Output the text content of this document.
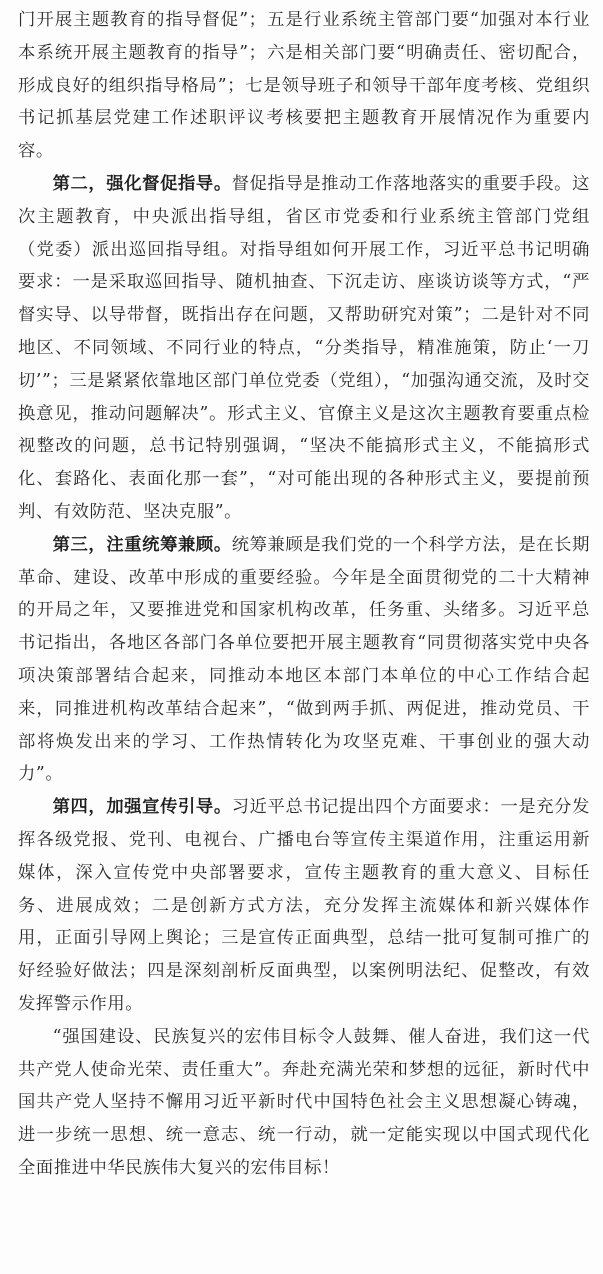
门开展主题教育的指导督促”；五是行业系统主管部门要“加强对本行业本系统开展主题教育的指导”；六是相关部门要“明确责任、密切配合，形成良好的组织指导格局”；七是领导班子和领导干部年度考核、党组织书记抓基层党建工作述职评议考核要把主题教育开展情况作为重要内容。

第二，强化督促指导。督促指导是推动工作落地落实的重要手段。这次主题教育，中央派出指导组，省区市党委和行业系统主管部门党组（党委）派出巡回指导组。对指导组如何开展工作，习近平总书记明确要求：一是采取巡回指导、随机抽查、下沉走访、座谈访谈等方式，“严督实导、以导带督，既指出存在问题，又帮助研究对策”；二是针对不同地区、不同领域、不同行业的特点，“分类指导，精准施策，防止‘一刀切’”；三是紧紧依靠地区部门单位党委（党组），“加强沟通交流，及时交换意见，推动问题解决”。形式主义、官僚主义是这次主题教育要重点检视整改的问题，总书记特别强调，“坚决不能搞形式主义，不能搞形式化、套路化、表面化那一套”，“对可能出现的各种形式主义，要提前预判、有效防范、坚决克服”。

第三，注重统筹兼顾。统筹兼顾是我们党的一个科学方法，是在长期革命、建设、改革中形成的重要经验。今年是全面贯彻党的二十大精神的开局之年，又要推进党和国家机构改革，任务重、头绪多。习近平总书记指出，各地区各部门各单位要把开展主题教育“同贯彻落实党中央各项决策部署结合起来，同推动本地区本部门本单位的中心工作结合起来，同推进机构改革结合起来”，“做到两手抓、两促进，推动党员、干部将焕发出来的学习、工作热情转化为攻坚克难、干事创业的强大动力”。

第四，加强宣传引导。习近平总书记提出四个方面要求：一是充分发挥各级党报、党刊、电视台、广播电台等宣传主渠道作用，注重运用新媒体，深入宣传党中央部署要求，宣传主题教育的重大意义、目标任务、进展成效；二是创新方式方法，充分发挥主流媒体和新兴媒体作用，正面引导网上舆论；三是宣传正面典型，总结一批可复制可推广的好经验好做法；四是深刻剖析反面典型，以案例明法纪、促整改，有效发挥警示作用。

“强国建设、民族复兴的宏伟目标令人鼓舞、催人奋进，我们这一代共产党人使命光荣、责任重大”。奔赴充满光荣和梦想的远征，新时代中国共产党人坚持不懈用习近平新时代中国特色社会主义思想凝心铸魂，进一步统一思想、统一意志、统一行动，就一定能实现以中国式现代化全面推进中华民族伟大复兴的宏伟目标！
